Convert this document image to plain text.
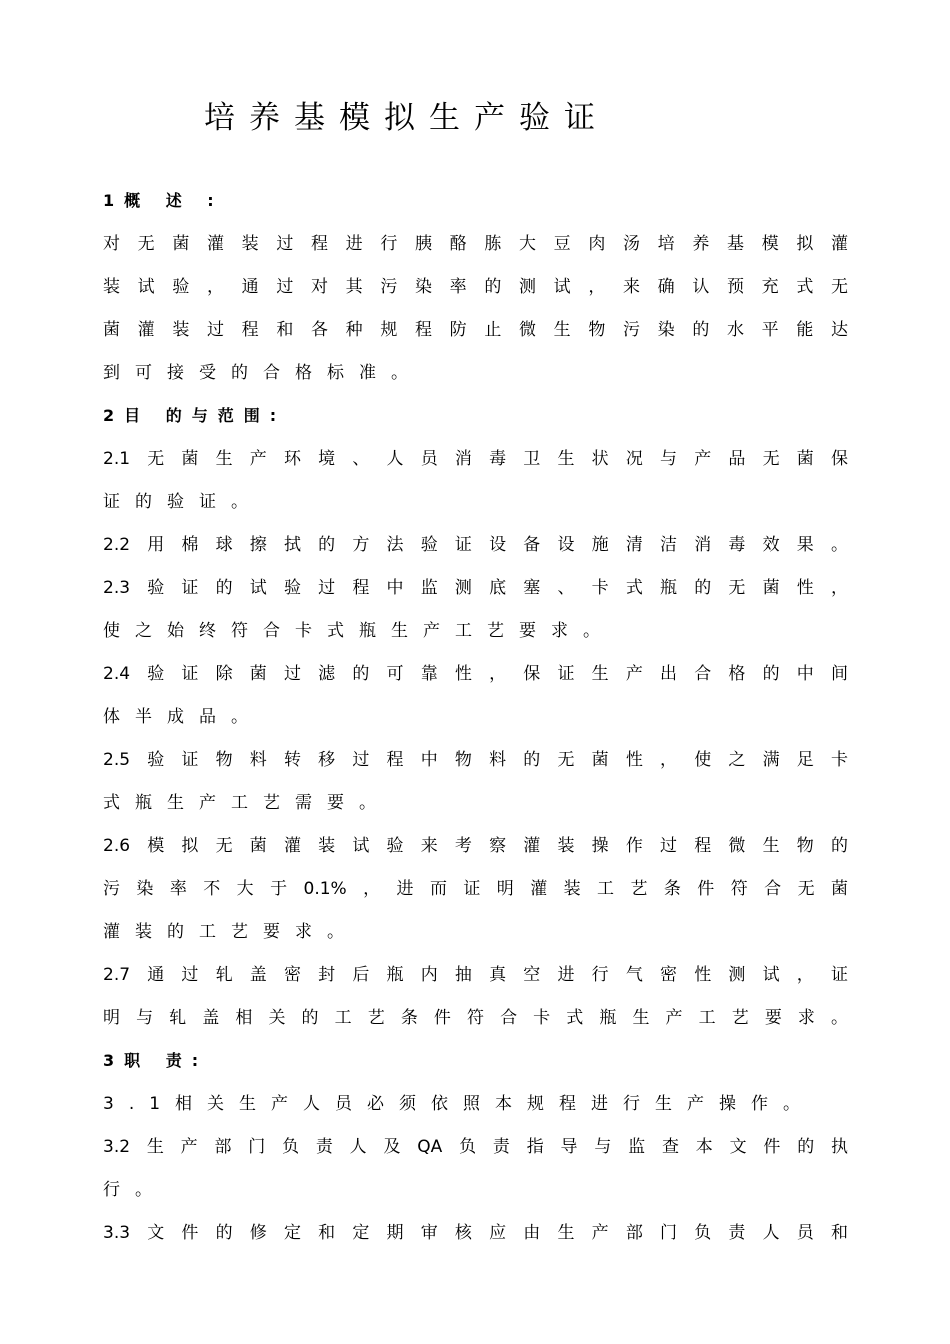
培养基模拟生产验证
1概 述 :
对无菌灌装过程进行胰酪胨大豆肉汤培养基模拟灌
装试验，通过对其污染率的测试，来确认预充式无
菌灌装过程和各种规程防止微生物污染的水平能达
到可接受的合格标准。
2目 的与范围:
2.1无菌生产环境、人员消毒卫生状况与产品无菌保
证的验证。
2.2用棉球擦拭的方法验证设备设施清洁消毒效果。
2.3验证的试验过程中监测底塞、卡式瓶的无菌性，
使之始终符合卡式瓶生产工艺要求。
2.4验证除菌过滤的可靠性，保证生产出合格的中间
体半成品。
2.5验证物料转移过程中物料的无菌性，使之满足卡
式瓶生产工艺需要。
2.6模拟无菌灌装试验来考察灌装操作过程微生物的
污染率不大于0.1%，进而证明灌装工艺条件符合无菌
灌装的工艺要求。
2.7通过轧盖密封后瓶内抽真空进行气密性测试，证
明与轧盖相关的工艺条件符合卡式瓶生产工艺要求。
3职 责:
3.1相关生产人员必须依照本规程进行生产操作。
3.2生产部门负责人及QA负责指导与监查本文件的执
行。
3.3文件的修定和定期审核应由生产部门负责人员和
